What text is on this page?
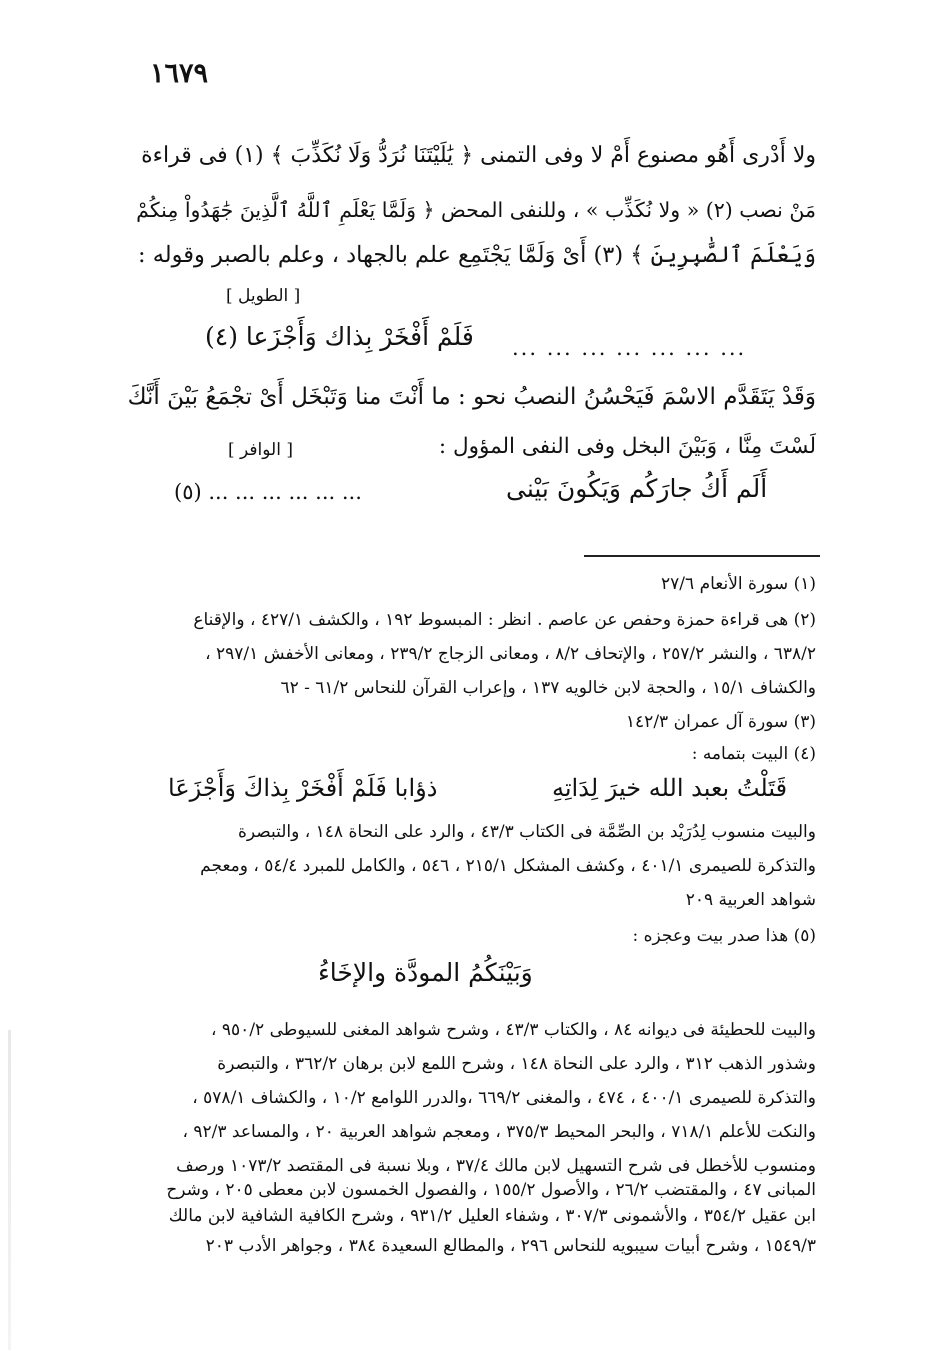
١٦٧٩
ولا أَدْرى أَهُو مصنوع أَمْ لا وفى التمنى ﴿ يَٰلَيْتَنَا نُرَدُّ وَلَا نُكَذِّبَ ﴾ (١) فى قراءة
مَنْ نصب (٢) « ولا نُكَذِّب » ، وللنفى المحض ﴿ وَلَمَّا يَعْلَمِ ٱللَّهُ ٱلَّذِينَ جَٰهَدُواْ مِنكُمْ
وَيَعْلَمَ ٱلصَّٰبِرِينَ ﴾ (٣) أَىْ وَلَمَّا يَجْتَمِع علم بالجهاد ، وعلم بالصبر وقوله :
[ الطويل ]
فَلَمْ أَفْخَرْ بِذاك وَأَجْزَعا (٤) ... ... ... ... ... ... ...
وَقَدْ يَتَقَدَّم الاسْمَ فَيَحْسُنُ النصبُ نحو : ما أَنْتَ منا وَتَبْخَل أَىْ تجْمَعُ بَيْنَ أَنَّكَ
لَسْتَ مِنَّا ، وَبَيْنَ البخل وفى النفى المؤول :
[ الوافر ]
أَلَم أَكُ جارَكُم وَيَكُونَ بَيْنى
(٥) ... ... ... ... ... ...
(١) سورة الأنعام ٢٧/٦
(٢) هى قراءة حمزة وحفص عن عاصم . انظر : المبسوط ١٩٢ ، والكشف ٤٢٧/١ ، والإقناع
٦٣٨/٢ ، والنشر ٢٥٧/٢ ، والإتحاف ٨/٢ ، ومعانى الزجاج ٢٣٩/٢ ، ومعانى الأخفش ٢٩٧/١ ،
والكشاف ١٥/١ ، والحجة لابن خالويه ١٣٧ ، وإعراب القرآن للنحاس ٦١/٢ - ٦٢
(٣) سورة آل عمران ١٤٢/٣
(٤) البيت بتمامه :
قَتَلْتُ بعبد الله خيرَ لِدَاتِهِ
ذؤابا فَلَمْ أَفْخَرْ بِذاكَ وَأَجْزَعَا
والبيت منسوب لِدُرَيْد بن الصِّمَّة فى الكتاب ٤٣/٣ ، والرد على النحاة ١٤٨ ، والتبصرة
والتذكرة للصيمرى ٤٠١/١ ، وكشف المشكل ٢١٥/١ ، ٥٤٦ ، والكامل للمبرد ٥٤/٤ ، ومعجم
شواهد العربية ٢٠٩
(٥) هذا صدر بيت وعجزه :
وَبَيْنَكُمُ المودَّة والإخَاءُ
والبيت للحطيئة فى ديوانه ٨٤ ، والكتاب ٤٣/٣ ، وشرح شواهد المغنى للسيوطى ٩٥٠/٢ ،
وشذور الذهب ٣١٢ ، والرد على النحاة ١٤٨ ، وشرح اللمع لابن برهان ٣٦٢/٢ ، والتبصرة
والتذكرة للصيمرى ٤٠٠/١ ، ٤٧٤ ، والمغنى ٦٦٩/٢ ،والدرر اللوامع ١٠/٢ ، والكشاف ٥٧٨/١ ،
والنكت للأعلم ٧١٨/١ ، والبحر المحيط ٣٧٥/٣ ، ومعجم شواهد العربية ٢٠ ، والمساعد ٩٢/٣ ،
ومنسوب للأخطل فى شرح التسهيل لابن مالك ٣٧/٤ ، وبلا نسبة فى المقتصد ١٠٧٣/٢ ورصف
المبانى ٤٧ ، والمقتضب ٢٦/٢ ، والأصول ١٥٥/٢ ، والفصول الخمسون لابن معطى ٢٠٥ ، وشرح
ابن عقيل ٣٥٤/٢ ، والأشمونى ٣٠٧/٣ ، وشفاء العليل ٩٣١/٢ ، وشرح الكافية الشافية لابن مالك
١٥٤٩/٣ ، وشرح أبيات سيبويه للنحاس ٢٩٦ ، والمطالع السعيدة ٣٨٤ ، وجواهر الأدب ٢٠٣
